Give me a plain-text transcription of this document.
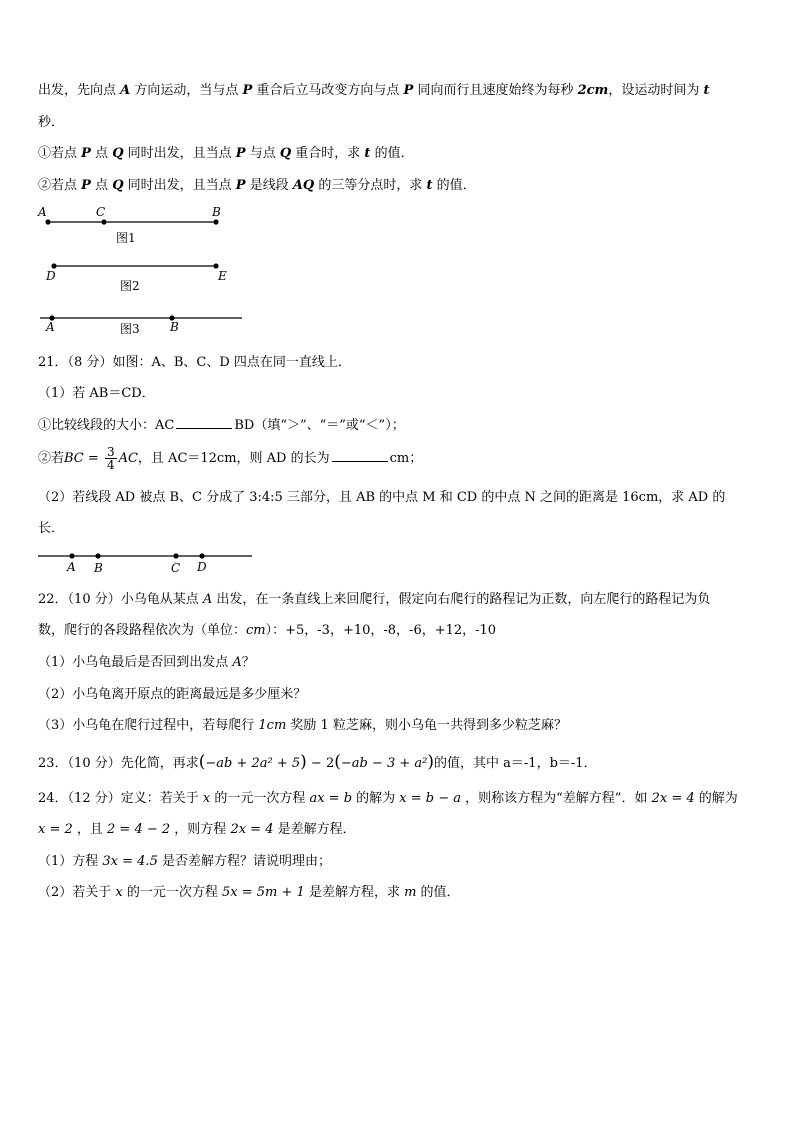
出发，先向点 A 方向运动，当与点 P 重合后立马改变方向与点 P 同向而行且速度始终为每秒 2cm，设运动时间为 t
秒．
①若点 P 点 Q 同时出发，且当点 P 与点 Q 重合时，求 t 的值．
②若点 P 点 Q 同时出发，且当点 P 是线段 AQ 的三等分点时，求 t 的值．
A	C	B
图1
D	E
图2
A	B
图3
21．（8 分）如图：A、B、C、D 四点在同一直线上．
（1）若 AB＝CD．
①比较线段的大小：AC	BD（填“＞”、“＝”或“＜”）；
②若BC = $\frac{3}{4}$ AC，且 AC＝12cm，则 AD 的长为	cm；
（2）若线段 AD 被点 B、C 分成了 3:4:5 三部分，且 AB 的中点 M 和 CD 的中点 N 之间的距离是 16cm，求 AD 的
长．
A B	C D
22．（10 分）小乌龟从某点 A 出发，在一条直线上来回爬行，假定向右爬行的路程记为正数，向左爬行的路程记为负
数，爬行的各段路程依次为（单位：cm）：+5，-3，+10，-8，-6，+12，-10
（1）小乌龟最后是否回到出发点 A？
（2）小乌龟离开原点的距离最远是多少厘米？
（3）小乌龟在爬行过程中，若每爬行 1cm 奖励 1 粒芝麻，则小乌龟一共得到多少粒芝麻？
23．（10 分）先化简，再求(−ab + 2a² + 5) − 2(−ab − 3 + a²)的值，其中 a＝-1，b＝-1．
24．（12 分）定义：若关于 x 的一元一次方程 ax = b 的解为 x = b − a ，则称该方程为“差解方程”．如 2x = 4 的解为
x = 2 ，且 2 = 4 − 2 ，则方程 2x = 4 是差解方程．
（1）方程 3x = 4.5 是否差解方程？请说明理由；
（2）若关于 x 的一元一次方程 5x = 5m + 1 是差解方程，求 m 的值．
